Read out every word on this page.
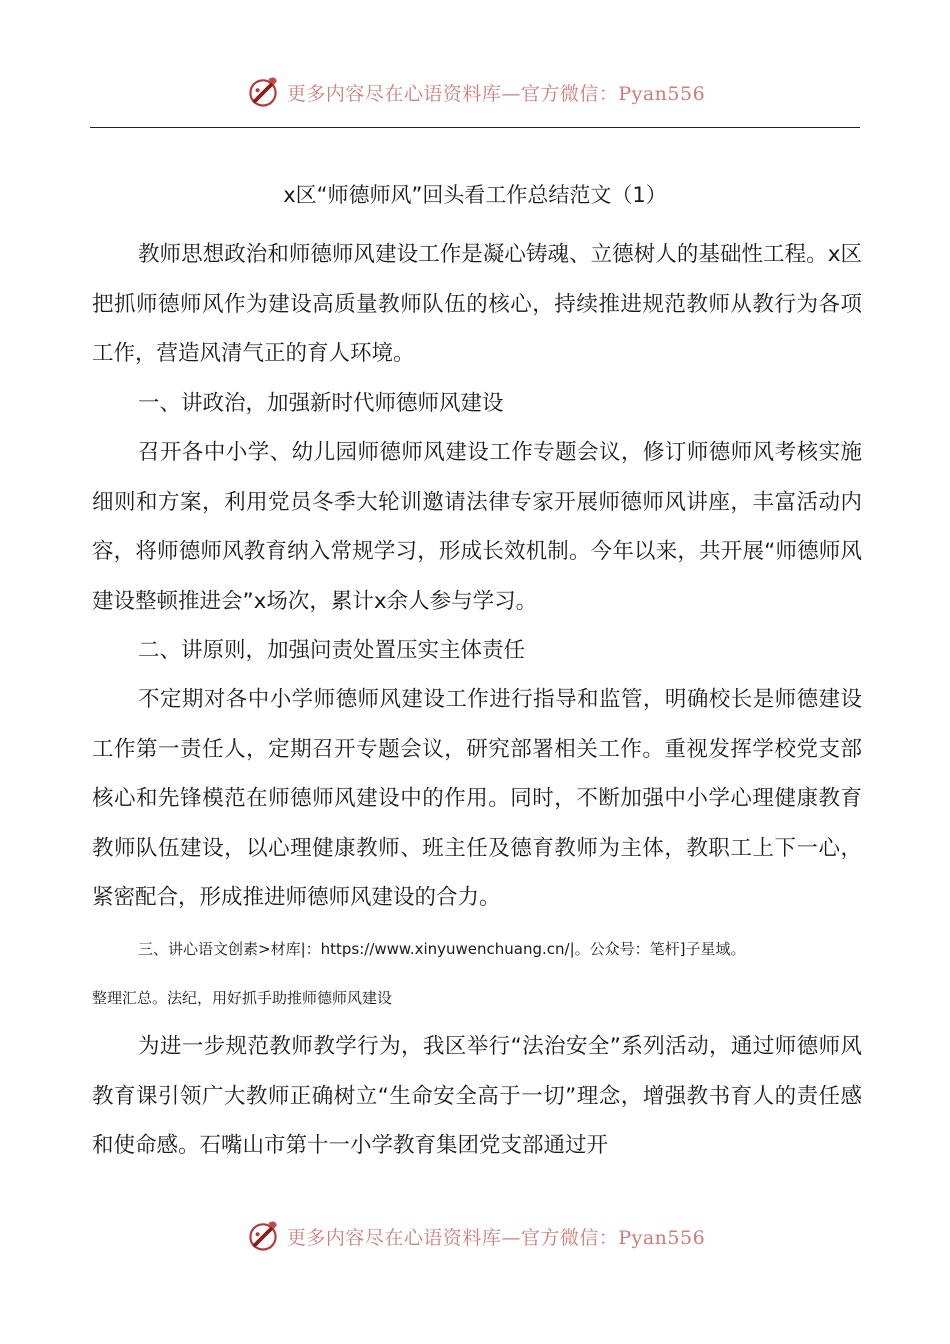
更多内容尽在心语资料库—官方微信：Pyan556
x区“师德师风”回头看工作总结范文（1）

教师思想政治和师德师风建设工作是凝心铸魂、立德树人的基础性工程。x区把抓师德师风作为建设高质量教师队伍的核心，持续推进规范教师从教行为各项工作，营造风清气正的育人环境。

一、讲政治，加强新时代师德师风建设

召开各中小学、幼儿园师德师风建设工作专题会议，修订师德师风考核实施细则和方案，利用党员冬季大轮训邀请法律专家开展师德师风讲座，丰富活动内容，将师德师风教育纳入常规学习，形成长效机制。今年以来，共开展“师德师风建设整顿推进会”x场次，累计x余人参与学习。

二、讲原则，加强问责处置压实主体责任

不定期对各中小学师德师风建设工作进行指导和监管，明确校长是师德建设工作第一责任人，定期召开专题会议，研究部署相关工作。重视发挥学校党支部核心和先锋模范在师德师风建设中的作用。同时，不断加强中小学心理健康教育教师队伍建设，以心理健康教师、班主任及德育教师为主体，教职工上下一心，紧密配合，形成推进师德师风建设的合力。

三、讲心语文创素>材库|：https://www.xinyuwenchuang.cn/|。公众号：笔杆]子星域。

整理汇总。法纪，用好抓手助推师德师风建设

为进一步规范教师教学行为，我区举行“法治安全”系列活动，通过师德师风教育课引领广大教师正确树立“生命安全高于一切”理念，增强教书育人的责任感和使命感。石嘴山市第十一小学教育集团党支部通过开

更多内容尽在心语资料库—官方微信：Pyan556
